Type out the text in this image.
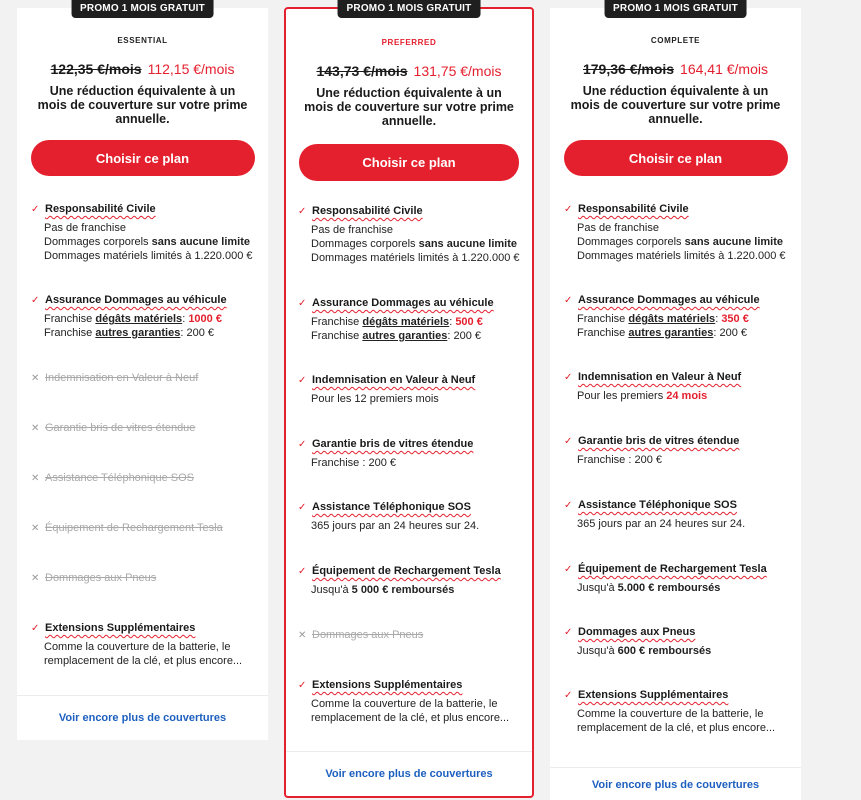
PROMO 1 MOIS GRATUIT
ESSENTIAL
122,35 €/mois 112,15 €/mois
Une réduction équivalente à un mois de couverture sur votre prime annuelle.
Choisir ce plan
✓ Responsabilité Civile
Pas de franchise
Dommages corporels sans aucune limite
Dommages matériels limités à 1.220.000 €
✓ Assurance Dommages au véhicule
Franchise dégâts matériels: 1000 €
Franchise autres garanties: 200 €
✕ Indemnisation en Valeur à Neuf
✕ Garantie bris de vitres étendue
✕ Assistance Téléphonique SOS
✕ Équipement de Rechargement Tesla
✕ Dommages aux Pneus
✓ Extensions Supplémentaires
Comme la couverture de la batterie, le remplacement de la clé, et plus encore...
Voir encore plus de couvertures
PROMO 1 MOIS GRATUIT
PREFERRED
143,73 €/mois 131,75 €/mois
Une réduction équivalente à un mois de couverture sur votre prime annuelle.
Choisir ce plan
✓ Responsabilité Civile
Pas de franchise
Dommages corporels sans aucune limite
Dommages matériels limités à 1.220.000 €
✓ Assurance Dommages au véhicule
Franchise dégâts matériels: 500 €
Franchise autres garanties: 200 €
✓ Indemnisation en Valeur à Neuf
Pour les 12 premiers mois
✓ Garantie bris de vitres étendue
Franchise : 200 €
✓ Assistance Téléphonique SOS
365 jours par an 24 heures sur 24.
✓ Équipement de Rechargement Tesla
Jusqu'à 5 000 € remboursés
✕ Dommages aux Pneus
✓ Extensions Supplémentaires
Comme la couverture de la batterie, le remplacement de la clé, et plus encore...
Voir encore plus de couvertures
PROMO 1 MOIS GRATUIT
COMPLETE
179,36 €/mois 164,41 €/mois
Une réduction équivalente à un mois de couverture sur votre prime annuelle.
Choisir ce plan
✓ Responsabilité Civile
Pas de franchise
Dommages corporels sans aucune limite
Dommages matériels limités à 1.220.000 €
✓ Assurance Dommages au véhicule
Franchise dégâts matériels: 350 €
Franchise autres garanties: 200 €
✓ Indemnisation en Valeur à Neuf
Pour les premiers 24 mois
✓ Garantie bris de vitres étendue
Franchise : 200 €
✓ Assistance Téléphonique SOS
365 jours par an 24 heures sur 24.
✓ Équipement de Rechargement Tesla
Jusqu'à 5.000 € remboursés
✓ Dommages aux Pneus
Jusqu'à 600 € remboursés
✓ Extensions Supplémentaires
Comme la couverture de la batterie, le remplacement de la clé, et plus encore...
Voir encore plus de couvertures
